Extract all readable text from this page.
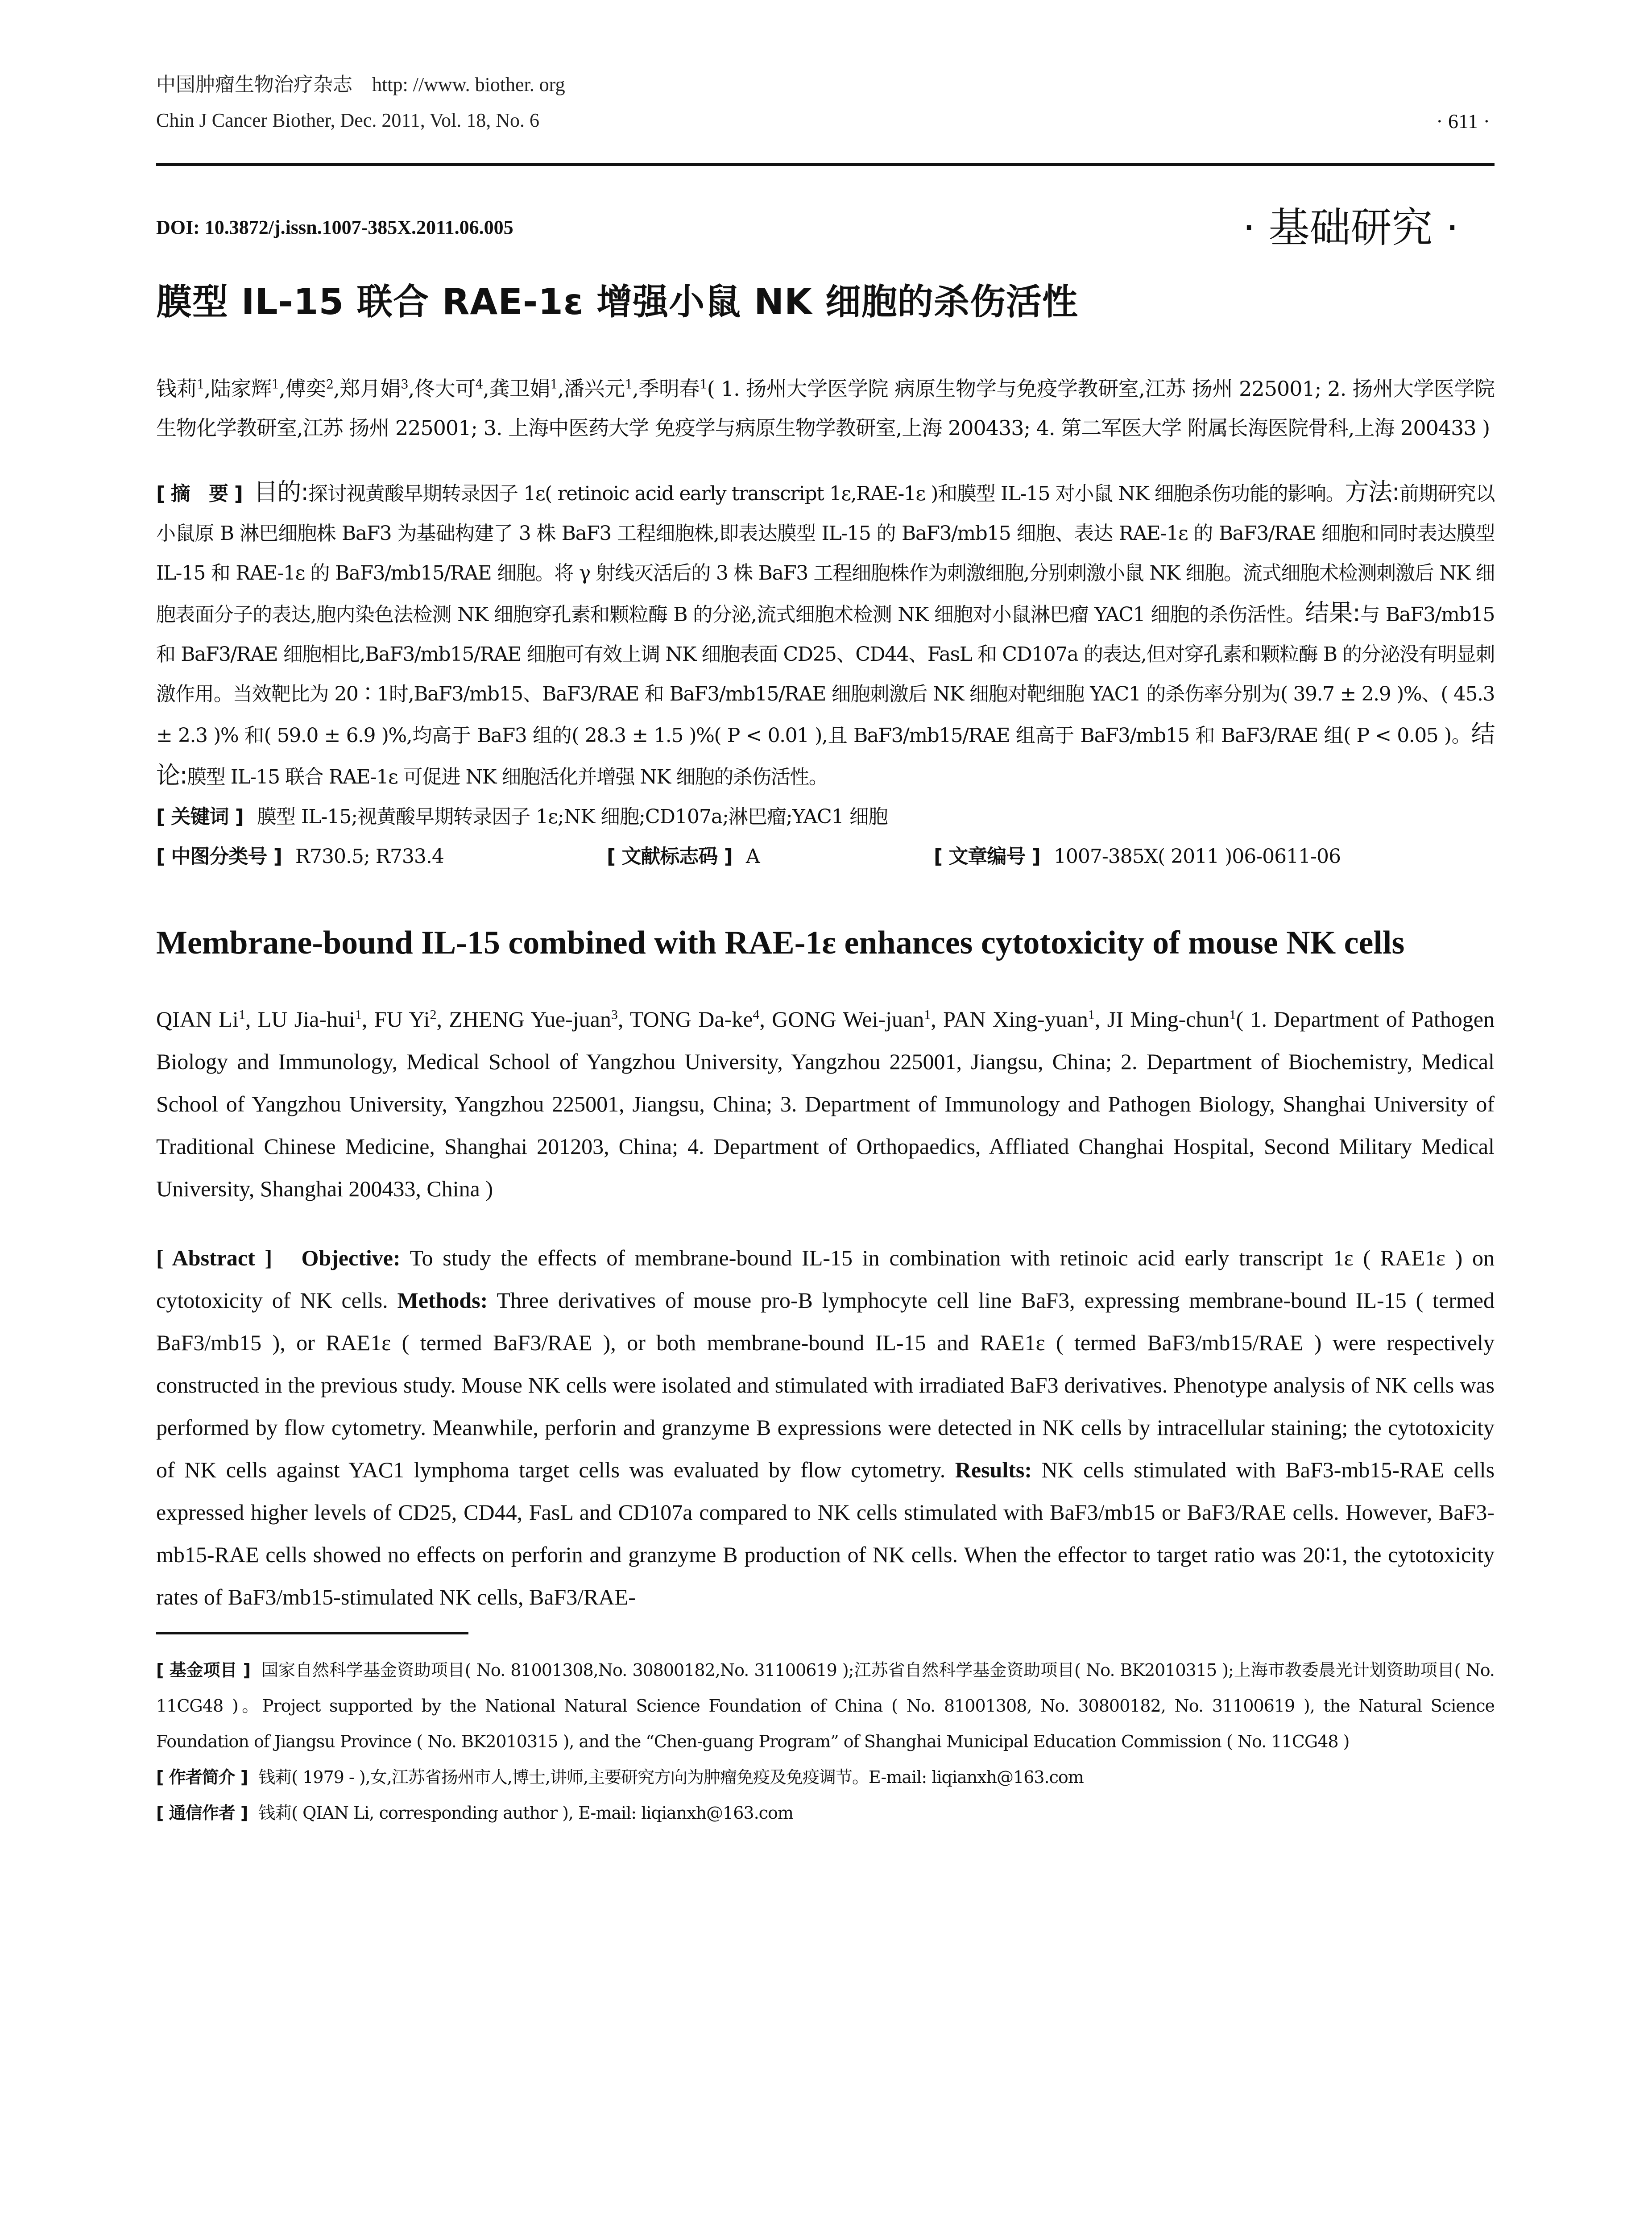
中国肿瘤生物治疗杂志 http: //www. biother. org
Chin J Cancer Biother, Dec. 2011, Vol. 18, No. 6	· 611 ·
DOI: 10.3872/j.issn.1007-385X.2011.06.005	· 基础研究 ·
膜型 IL-15 联合 RAE-1ε 增强小鼠 NK 细胞的杀伤活性
钱莉$^1$,陆家辉$^1$,傅奕$^2$,郑月娟$^3$,佟大可$^4$,龚卫娟$^1$,潘兴元$^1$,季明春$^1$( 1. 扬州大学医学院 病原生物学与免疫学教研室,江苏 扬州 225001; 2. 扬州大学医学院 生物化学教研室,江苏 扬州 225001; 3. 上海中医药大学 免疫学与病原生物学教研室,上海 200433; 4. 第二军医大学 附属长海医院骨科,上海 200433 )
[ 摘　要 ] 目的:探讨视黄酸早期转录因子 1ε( retinoic acid early transcript 1ε,RAE-1ε )和膜型 IL-15 对小鼠 NK 细胞杀伤功能的影响。方法:前期研究以小鼠原 B 淋巴细胞株 BaF3 为基础构建了 3 株 BaF3 工程细胞株,即表达膜型 IL-15 的 BaF3/mb15 细胞、表达 RAE-1ε 的 BaF3/RAE 细胞和同时表达膜型 IL-15 和 RAE-1ε 的 BaF3/mb15/RAE 细胞。将 γ 射线灭活后的 3 株 BaF3 工程细胞株作为刺激细胞,分别刺激小鼠 NK 细胞。流式细胞术检测刺激后 NK 细胞表面分子的表达,胞内染色法检测 NK 细胞穿孔素和颗粒酶 B 的分泌,流式细胞术检测 NK 细胞对小鼠淋巴瘤 YAC1 细胞的杀伤活性。结果:与 BaF3/mb15 和 BaF3/RAE 细胞相比,BaF3/mb15/RAE 细胞可有效上调 NK 细胞表面 CD25、CD44、FasL 和 CD107a 的表达,但对穿孔素和颗粒酶 B 的分泌没有明显刺激作用。当效靶比为 20∶1时,BaF3/mb15、BaF3/RAE 和 BaF3/mb15/RAE 细胞刺激后 NK 细胞对靶细胞 YAC1 的杀伤率分别为( 39.7 ± 2.9 )%、( 45.3 ± 2.3 )% 和( 59.0 ± 6.9 )%,均高于 BaF3 组的( 28.3 ± 1.5 )%( P < 0.01 ),且 BaF3/mb15/RAE 组高于 BaF3/mb15 和 BaF3/RAE 组( P < 0.05 )。结论:膜型 IL-15 联合 RAE-1ε 可促进 NK 细胞活化并增强 NK 细胞的杀伤活性。
[ 关键词 ] 膜型 IL-15;视黄酸早期转录因子 1ε;NK 细胞;CD107a;淋巴瘤;YAC1 细胞
[ 中图分类号 ] R730.5; R733.4	[ 文献标志码 ] A	[ 文章编号 ] 1007-385X( 2011 )06-0611-06
Membrane-bound IL-15 combined with RAE-1ε enhances cytotoxicity of mouse NK cells
QIAN Li$^1$, LU Jia-hui$^1$, FU Yi$^2$, ZHENG Yue-juan$^3$, TONG $Da-ke^4$, GONG Wei-juan$^1$, PAN Xing-yuan$^1$, JI Ming-chun$^1$( 1. Department of Pathogen Biology and Immunology, Medical School of Yangzhou University, Yangzhou 225001, Jiangsu, China; 2. Department of Biochemistry, Medical School of Yangzhou University, Yangzhou 225001, Jiangsu, China; 3. Department of Immunology and Pathogen Biology, Shanghai University of Traditional Chinese Medicine, Shanghai 201203, China; 4. Department of Orthopaedics, Affliated Changhai Hospital, Second Military Medical University, Shanghai 200433, China )
[ Abstract ] Objective: To study the effects of membrane-bound IL-15 in combination with retinoic acid early transcript 1ε ( RAE1ε ) on cytotoxicity of NK cells. Methods: Three derivatives of mouse pro-B lymphocyte cell line BaF3, expressing membrane-bound IL-15 ( termed BaF3/mb15 ), or RAE1ε ( termed BaF3/RAE ), or both membrane-bound IL-15 and RAE1ε ( termed BaF3/mb15/RAE ) were respectively constructed in the previous study. Mouse NK cells were isolated and stimulated with irradiated BaF3 derivatives. Phenotype analysis of NK cells was performed by flow cytometry. Meanwhile, perforin and granzyme B expressions were detected in NK cells by intracellular staining; the cytotoxicity of NK cells against YAC1 lymphoma target cells was evaluated by flow cytometry. Results: NK cells stimulated with BaF3-mb15-RAE cells expressed higher levels of CD25, CD44, FasL and CD107a compared to NK cells stimulated with BaF3/mb15 or BaF3/RAE cells. However, BaF3-mb15-RAE cells showed no effects on perforin and granzyme B production of NK cells. When the effector to target ratio was 20∶1, the cytotoxicity rates of BaF3/mb15-stimulated NK cells, BaF3/RAE-
[ 基金项目 ] 国家自然科学基金资助项目( No. 81001308,No. 30800182,No. 31100619 );江苏省自然科学基金资助项目( No. BK2010315 );上海市教委晨光计划资助项目( No. 11CG48 )。Project supported by the National Natural Science Foundation of China ( No. 81001308, No. 30800182, No. 31100619 ), the Natural Science Foundation of Jiangsu Province ( No. BK2010315 ), and the “Chen-guang Program” of Shanghai Municipal Education Commission ( No. 11CG48 )
[ 作者简介 ] 钱莉( 1979 - ),女,江苏省扬州市人,博士,讲师,主要研究方向为肿瘤免疫及免疫调节。E-mail: liqianxh@163.com
[ 通信作者 ] 钱莉( QIAN Li, corresponding author ), E-mail: liqianxh@163.com
